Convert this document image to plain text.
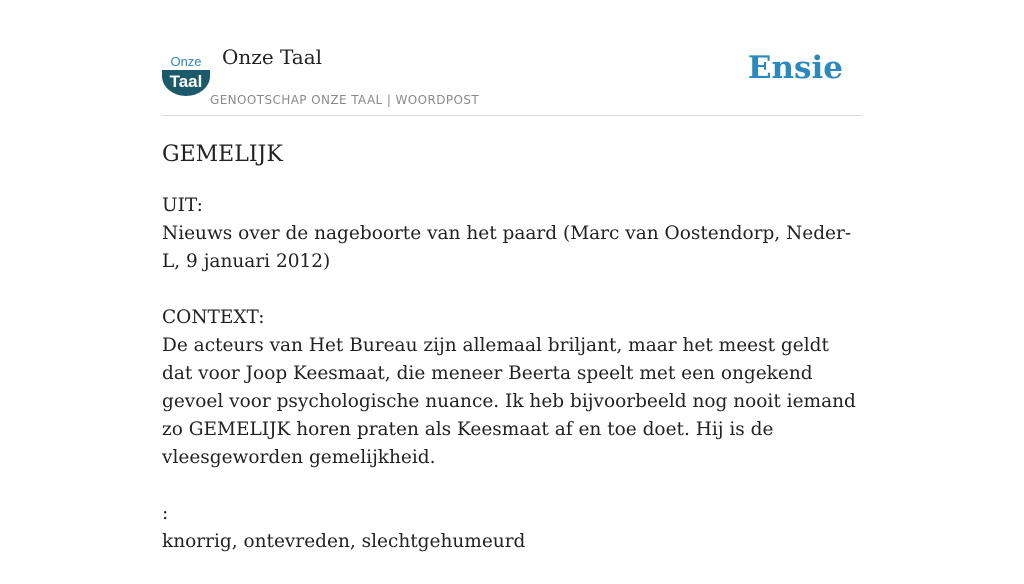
Onze
Taal
Onze Taal
GENOOTSCHAP ONZE TAAL | WOORDPOST
Ensie
GEMELIJK

UIT:

Nieuws over de nageboorte van het paard (Marc van Oostendorp, Neder-L, 9 januari 2012)

CONTEXT:

De acteurs van Het Bureau zijn allemaal briljant, maar het meest geldt dat voor Joop Keesmaat, die meneer Beerta speelt met een ongekend gevoel voor psychologische nuance. Ik heb bijvoorbeeld nog nooit iemand zo GEMELIJK horen praten als Keesmaat af en toe doet. Hij is de vleesgeworden gemelijkheid.

:

knorrig, ontevreden, slechtgehumeurd
